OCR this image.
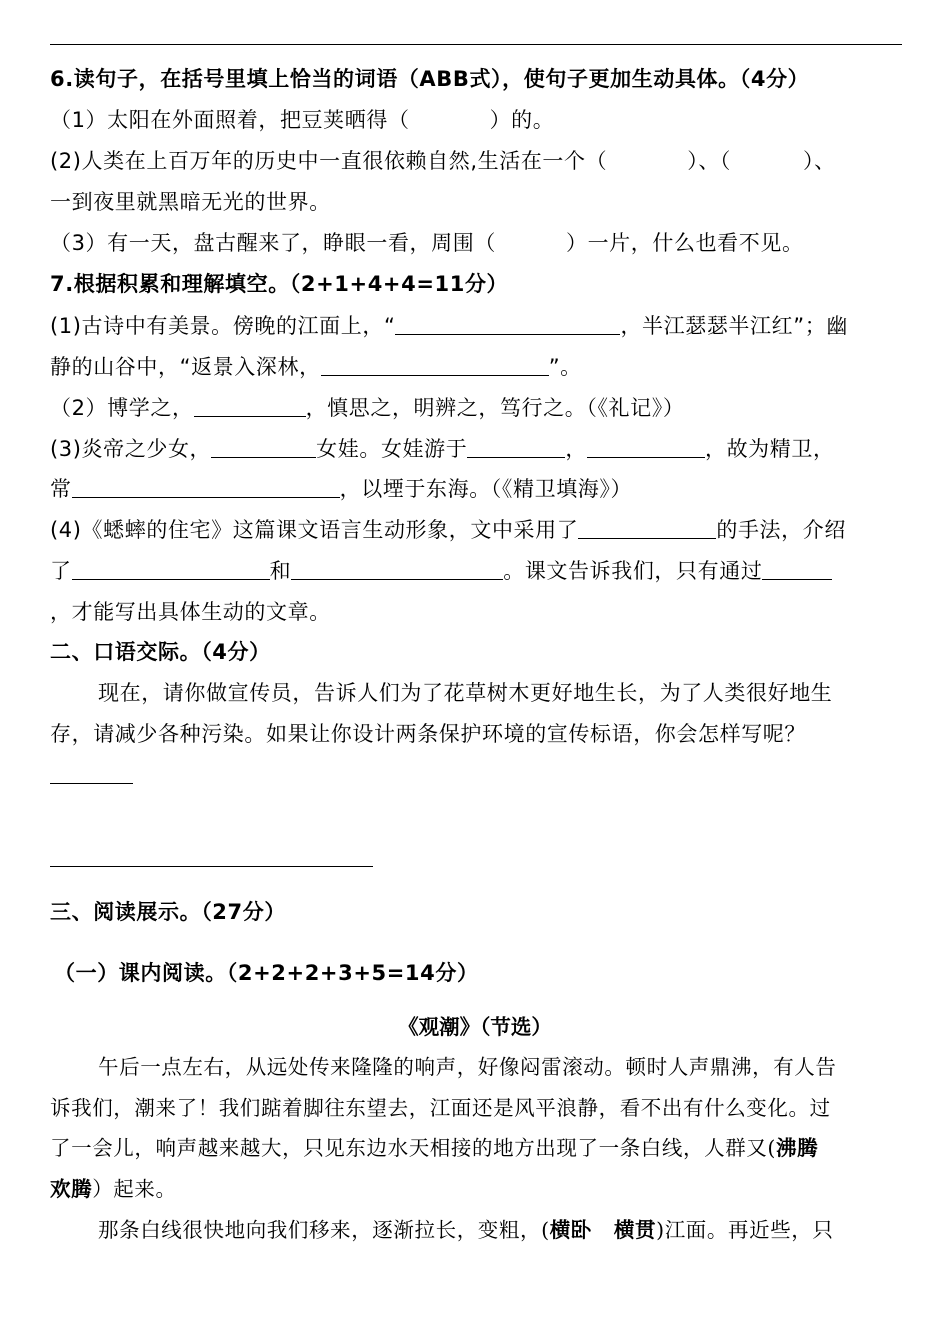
6.读句子，在括号里填上恰当的词语（ABB式），使句子更加生动具体。（4分）
（1）太阳在外面照着，把豆荚晒得（	）的。
(2)人类在上百万年的历史中一直很依赖自然,生活在一个（	）、（	）、
一到夜里就黑暗无光的世界。
（3）有一天，盘古醒来了，睁眼一看，周围（	）一片，什么也看不见。
7.根据积累和理解填空。（2+1+4+4=11分）
(1)古诗中有美景。傍晚的江面上，“	，半江瑟瑟半江红”；幽
静的山谷中，“返景入深林，	”。
（2）博学之，	，慎思之，明辨之，笃行之。（《礼记》）
(3)炎帝之少女，	女娃。女娃游于	，	，故为精卫，
常	，以堙于东海。（《精卫填海》）
(4)《蟋蟀的住宅》这篇课文语言生动形象，文中采用了	的手法，介绍
了	和	。课文告诉我们，只有通过
，才能写出具体生动的文章。
二、口语交际。（4分）
现在，请你做宣传员，告诉人们为了花草树木更好地生长，为了人类很好地生
存，请减少各种污染。如果让你设计两条保护环境的宣传标语，你会怎样写呢？
三、阅读展示。（27分）
（一）课内阅读。（2+2+2+3+5=14分）
《观潮》（节选）
午后一点左右，从远处传来隆隆的响声，好像闷雷滚动。顿时人声鼎沸，有人告
诉我们，潮来了！我们踮着脚往东望去，江面还是风平浪静，看不出有什么变化。过
了一会儿，响声越来越大，只见东边水天相接的地方出现了一条白线，人群又(沸腾
欢腾）起来。
那条白线很快地向我们移来，逐渐拉长，变粗，(横卧 横贯)江面。再近些，只
